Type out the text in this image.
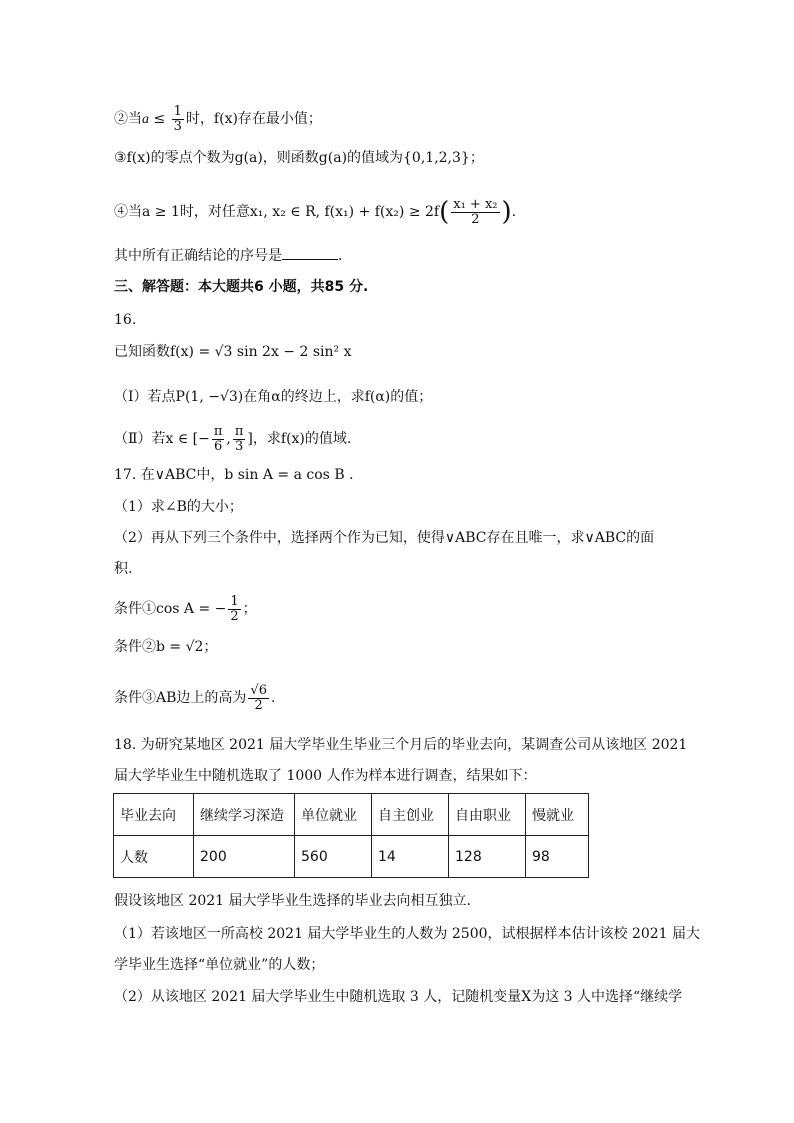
②当$a \le \frac{1}{3}$ 时，f(x)存在最小值；
③f(x)的零点个数为g(a)，则函数g(a)的值域为{0,1,2,3}；
④当a ≥ 1时，对任意x₁, x₂ ∈ R, $f(x_1) + f(x_2) \ge 2f( \frac{\text{x₁ + x₂}}{2}$ ).
其中所有正确结论的序号是	．
三、解答题：本大题共6 小题，共85 分.
16.
已知函数f(x) = √3 sin 2x − 2 sin² x
（Ⅰ）若点P(1, −√3)在角α的终边上，求f(α)的值；
（Ⅱ）若x ∈ [− $\frac{\pi}{6}$ , $\frac{\pi}{3}$ ]，求f(x)的值域.
17. 在∨ABC中，b sin A = a cos B .
（1）求∠B的大小；
（2）再从下列三个条件中，选择两个作为已知，使得∨ABC存在且唯一，求∨ABC的面
积.
条件①cos A = − $\frac{1}{2}$ ；
条件②b = √2；
条件③AB边上的高为 $\frac{√6}{2}$ .
18. 为研究某地区 2021 届大学毕业生毕业三个月后的毕业去向，某调查公司从该地区 2021
届大学毕业生中随机选取了 1000 人作为样本进行调查，结果如下：
毕业去向	继续学习深造	单位就业	自主创业	自由职业	慢就业
人数	200	560	14	128	98
假设该地区 2021 届大学毕业生选择的毕业去向相互独立．
（1）若该地区一所高校 2021 届大学毕业生的人数为 2500，试根据样本估计该校 2021 届大
学毕业生选择“单位就业”的人数；
（2）从该地区 2021 届大学毕业生中随机选取 3 人，记随机变量X为这 3 人中选择“继续学
